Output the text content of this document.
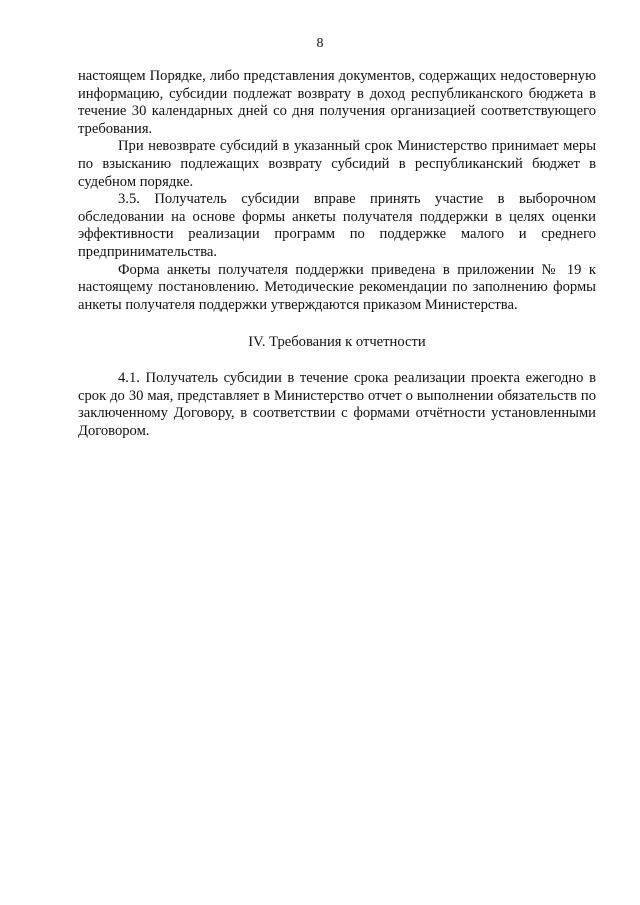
8

настоящем Порядке, либо представления документов, содержащих недостоверную информацию, субсидии подлежат возврату в доход республиканского бюджета в течение 30 календарных дней со дня получения организацией соответствующего требования.

При невозврате субсидий в указанный срок Министерство принимает меры по взысканию подлежащих возврату субсидий в республиканский бюджет в судебном порядке.

3.5. Получатель субсидии вправе принять участие в выборочном обследовании на основе формы анкеты получателя поддержки в целях оценки эффективности реализации программ по поддержке малого и среднего предпринимательства.

Форма анкеты получателя поддержки приведена в приложении № 19 к настоящему постановлению. Методические рекомендации по заполнению формы анкеты получателя поддержки утверждаются приказом Министерства.

IV. Требования к отчетности

4.1. Получатель субсидии в течение срока реализации проекта ежегодно в срок до 30 мая, представляет в Министерство отчет о выполнении обязательств по заключенному Договору, в соответствии с формами отчётности установленными Договором.
